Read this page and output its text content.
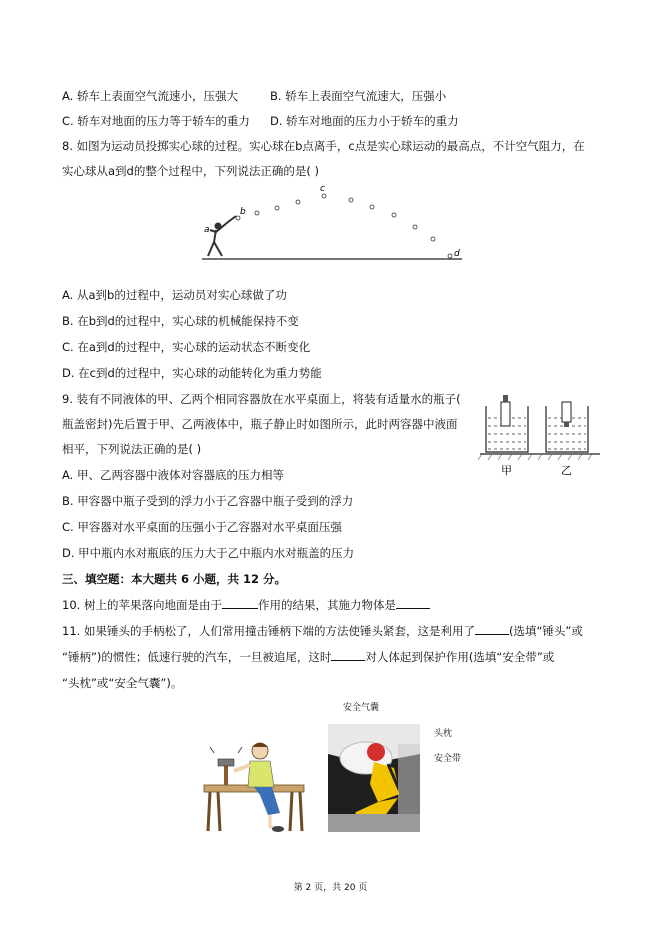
A. 轿车上表面空气流速小，压强大	B. 轿车上表面空气流速大，压强小
C. 轿车对地面的压力等于轿车的重力 D. 轿车对地面的压力小于轿车的重力
8. 如图为运动员投掷实心球的过程。实心球在b点离手，c点是实心球运动的最高点，不计空气阻力，在
实心球从a到d的整个过程中，下列说法正确的是( )
a
b
c
d
A. 从a到b的过程中，运动员对实心球做了功
B. 在b到d的过程中，实心球的机械能保持不变
C. 在a到d的过程中，实心球的运动状态不断变化
D. 在c到d的过程中，实心球的动能转化为重力势能
9. 装有不同液体的甲、乙两个相同容器放在水平桌面上，将装有适量水的瓶子(
瓶盖密封)先后置于甲、乙两液体中，瓶子静止时如图所示，此时两容器中液面
相平，下列说法正确的是( )
甲	乙
A. 甲、乙两容器中液体对容器底的压力相等
B. 甲容器中瓶子受到的浮力小于乙容器中瓶子受到的浮力
C. 甲容器对水平桌面的压强小于乙容器对水平桌面压强
D. 甲中瓶内水对瓶底的压力大于乙中瓶内水对瓶盖的压力
三、填空题：本大题共 6 小题，共 12 分。
10. 树上的苹果落向地面是由于	作用的结果，其施力物体是
11. 如果锤头的手柄松了，人们常用撞击锤柄下端的方法使锤头紧套，这是利用了	(选填“锤头”或
“锤柄”)的惯性；低速行驶的汽车，一旦被追尾，这时	对人体起到保护作用(选填“安全带”或
“头枕”或“安全气囊”)。
安全气囊
头枕
安全带
第 2 页，共 20 页
